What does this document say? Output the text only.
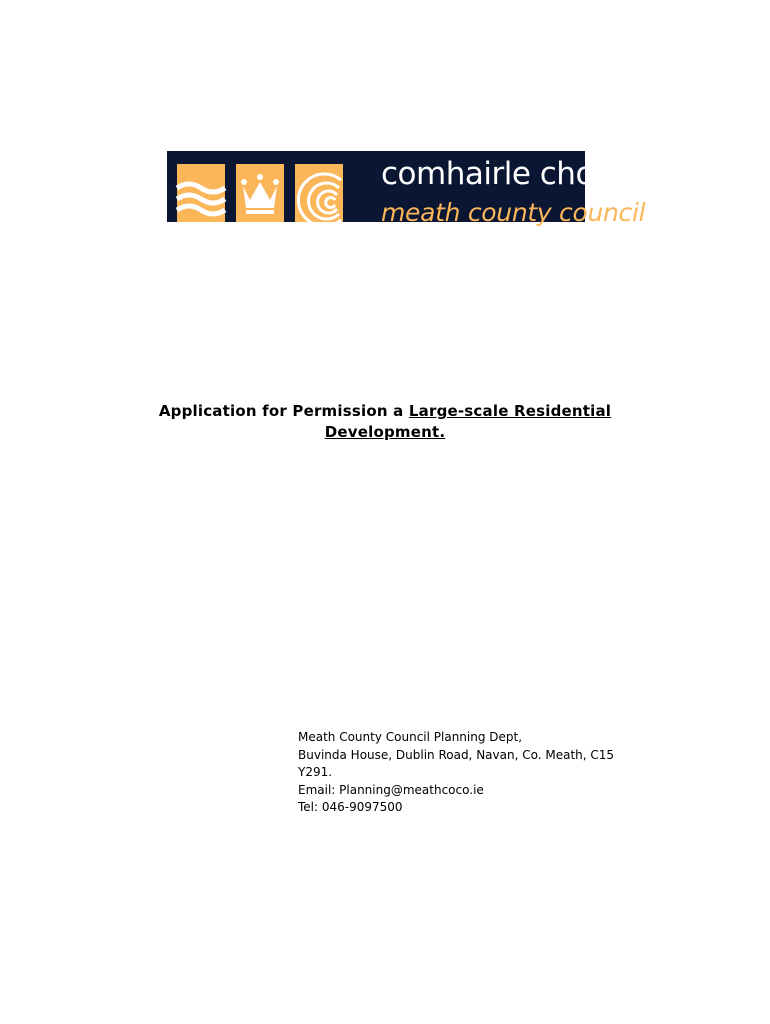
comhairle chontae
meath county council
Application for Permission a Large-scale Residential Development.
Meath County Council Planning Dept,
Buvinda House, Dublin Road, Navan, Co. Meath, C15
Y291.
Email: Planning@meathcoco.ie
Tel: 046-9097500
